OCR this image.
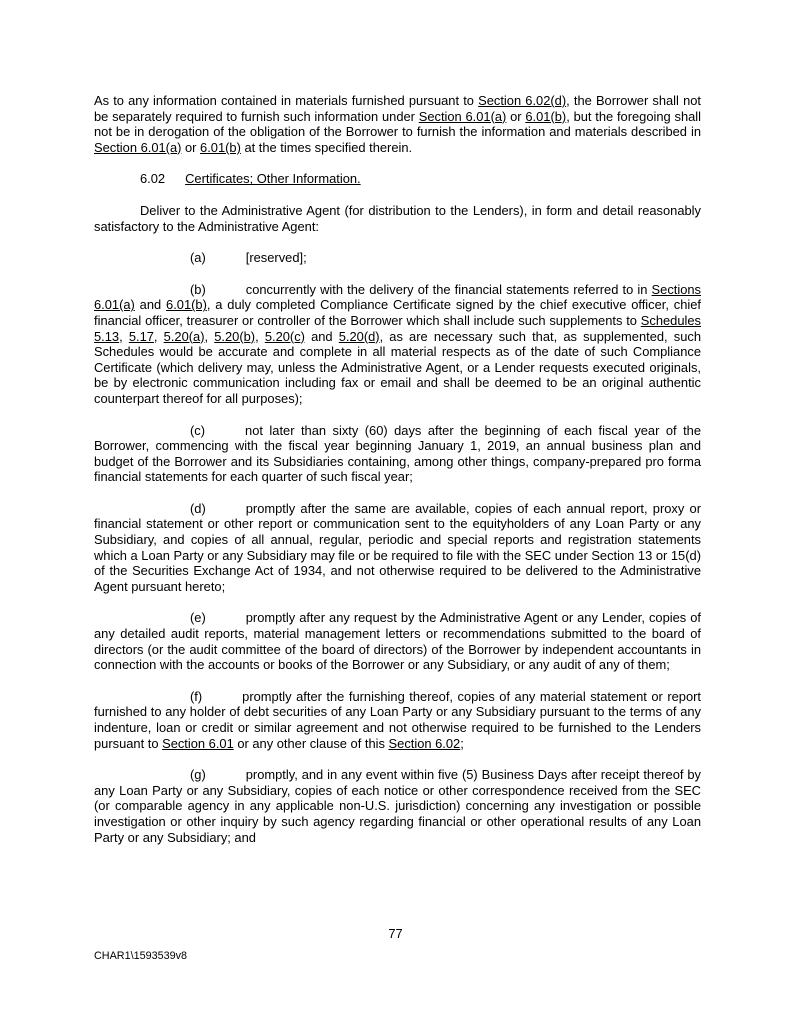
As to any information contained in materials furnished pursuant to Section 6.02(d), the Borrower shall not be separately required to furnish such information under Section 6.01(a) or 6.01(b), but the foregoing shall not be in derogation of the obligation of the Borrower to furnish the information and materials described in Section 6.01(a) or 6.01(b) at the times specified therein.

6.02 Certificates; Other Information.

Deliver to the Administrative Agent (for distribution to the Lenders), in form and detail reasonably satisfactory to the Administrative Agent:

(a)	[reserved];

(b)	concurrently with the delivery of the financial statements referred to in Sections 6.01(a) and 6.01(b), a duly completed Compliance Certificate signed by the chief executive officer, chief financial officer, treasurer or controller of the Borrower which shall include such supplements to Schedules 5.13, 5.17, 5.20(a), 5.20(b), 5.20(c) and 5.20(d), as are necessary such that, as supplemented, such Schedules would be accurate and complete in all material respects as of the date of such Compliance Certificate (which delivery may, unless the Administrative Agent, or a Lender requests executed originals, be by electronic communication including fax or email and shall be deemed to be an original authentic counterpart thereof for all purposes);

(c)	not later than sixty (60) days after the beginning of each fiscal year of the Borrower, commencing with the fiscal year beginning January 1, 2019, an annual business plan and budget of the Borrower and its Subsidiaries containing, among other things, company-prepared pro forma financial statements for each quarter of such fiscal year;

(d)	promptly after the same are available, copies of each annual report, proxy or financial statement or other report or communication sent to the equityholders of any Loan Party or any Subsidiary, and copies of all annual, regular, periodic and special reports and registration statements which a Loan Party or any Subsidiary may file or be required to file with the SEC under Section 13 or 15(d) of the Securities Exchange Act of 1934, and not otherwise required to be delivered to the Administrative Agent pursuant hereto;

(e)	promptly after any request by the Administrative Agent or any Lender, copies of any detailed audit reports, material management letters or recommendations submitted to the board of directors (or the audit committee of the board of directors) of the Borrower by independent accountants in connection with the accounts or books of the Borrower or any Subsidiary, or any audit of any of them;

(f)	promptly after the furnishing thereof, copies of any material statement or report furnished to any holder of debt securities of any Loan Party or any Subsidiary pursuant to the terms of any indenture, loan or credit or similar agreement and not otherwise required to be furnished to the Lenders pursuant to Section 6.01 or any other clause of this Section 6.02;

(g)	promptly, and in any event within five (5) Business Days after receipt thereof by any Loan Party or any Subsidiary, copies of each notice or other correspondence received from the SEC (or comparable agency in any applicable non-U.S. jurisdiction) concerning any investigation or possible investigation or other inquiry by such agency regarding financial or other operational results of any Loan Party or any Subsidiary; and

77
CHAR1\1593539v8
